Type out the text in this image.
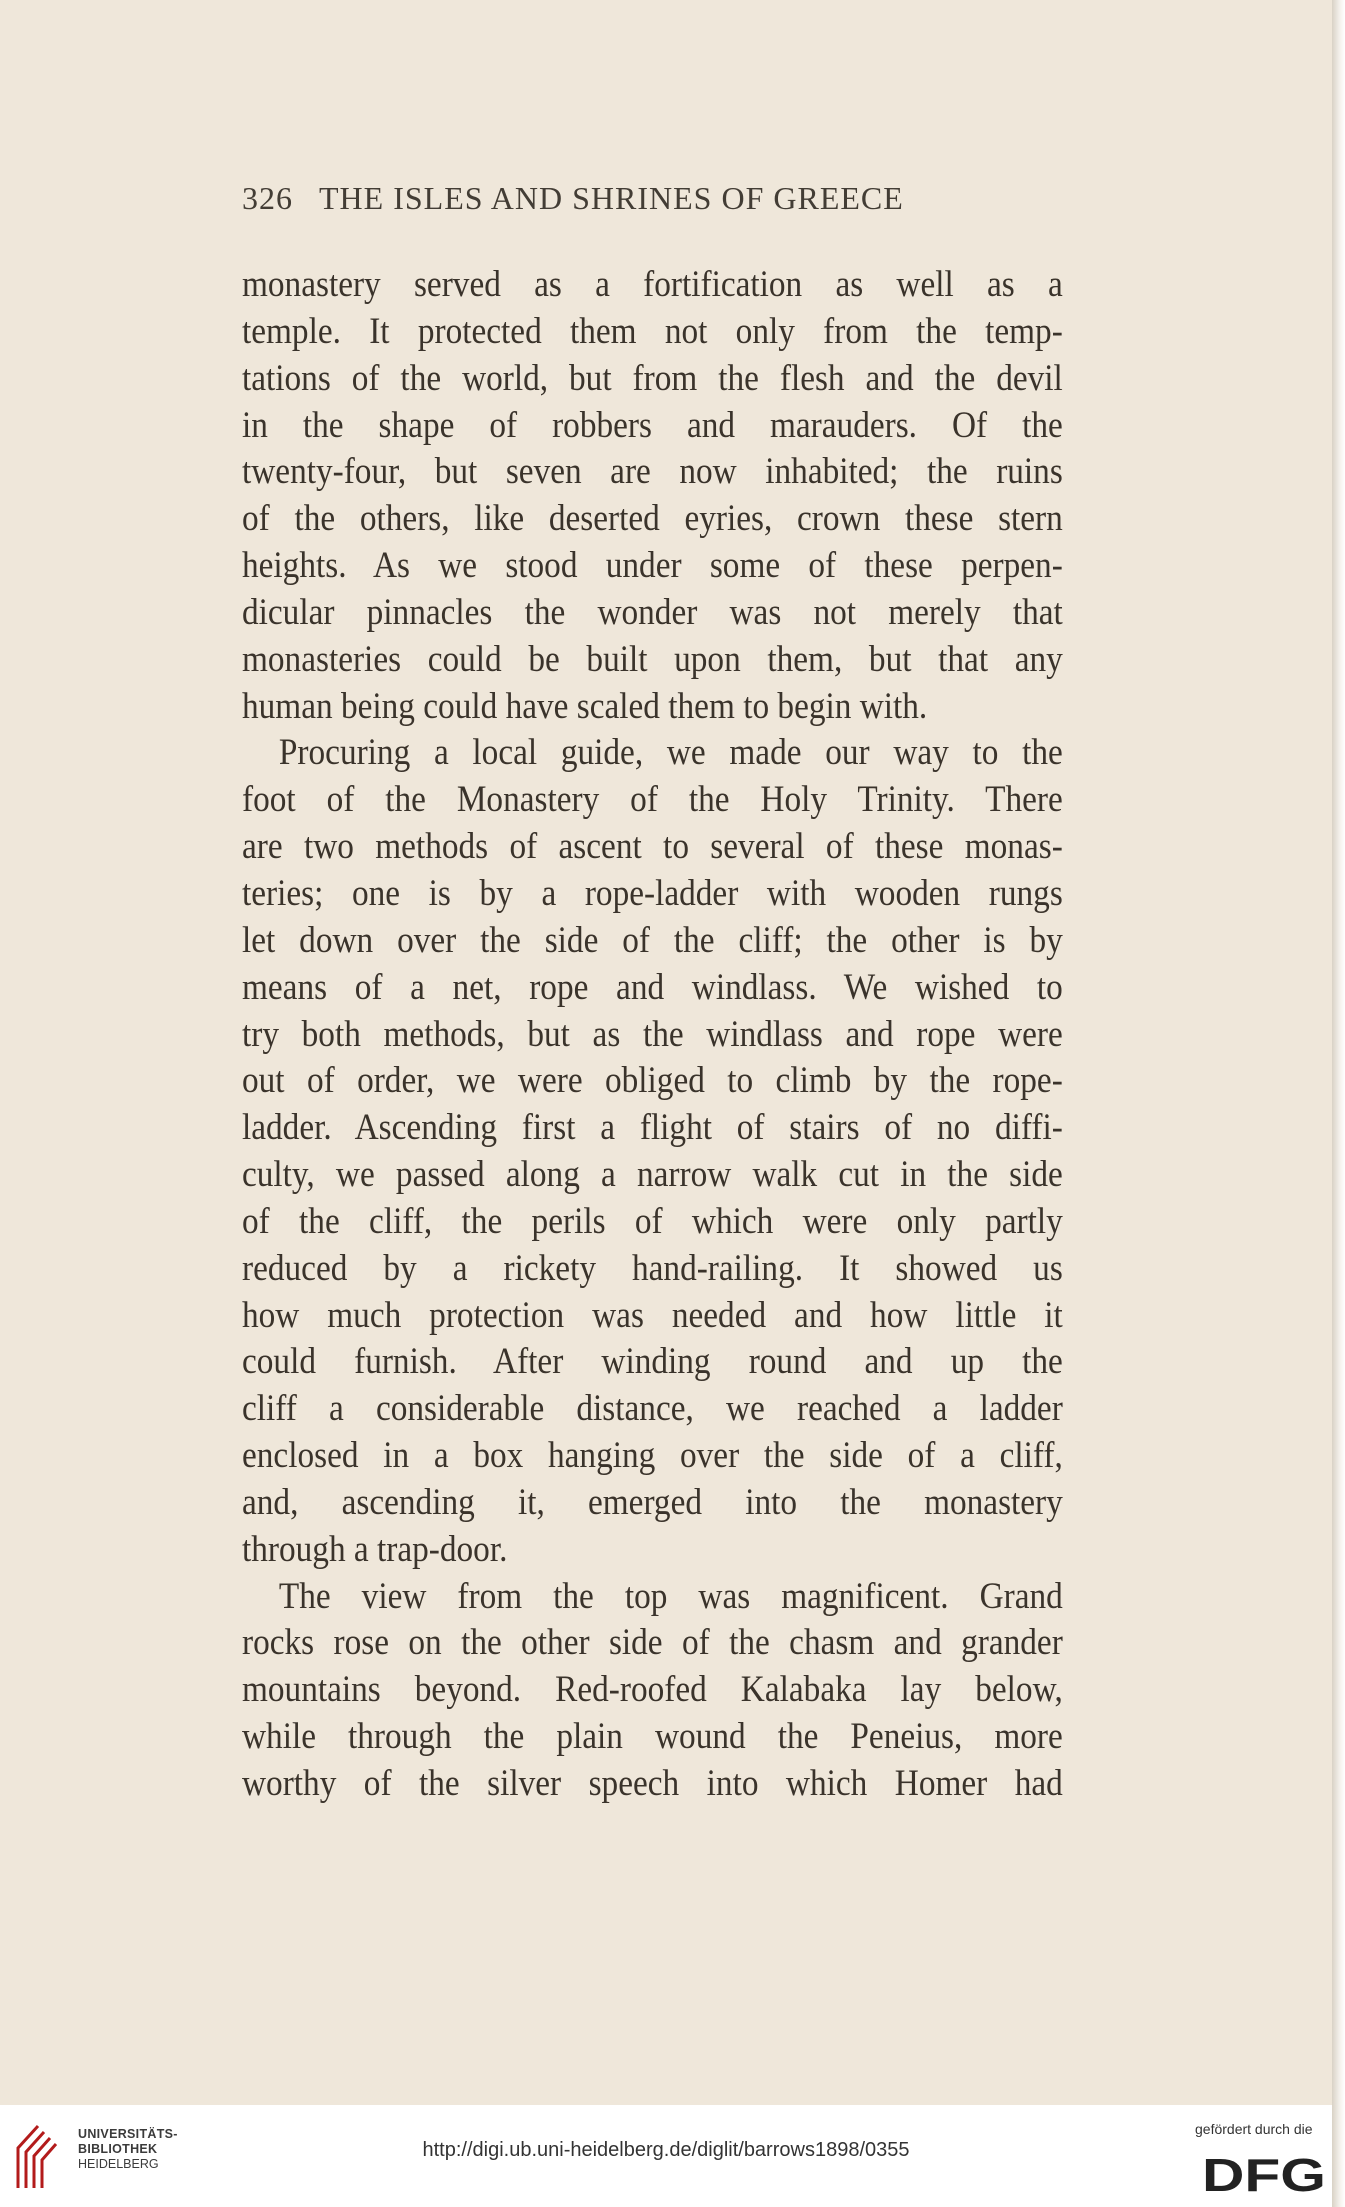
326 THE ISLES AND SHRINES OF GREECE
monastery served as a fortification as well as a
temple. It protected them not only from the temp-
tations of the world, but from the flesh and the devil
in the shape of robbers and marauders. Of the
twenty-four, but seven are now inhabited; the ruins
of the others, like deserted eyries, crown these stern
heights. As we stood under some of these perpen-
dicular pinnacles the wonder was not merely that
monasteries could be built upon them, but that any
human being could have scaled them to begin with.
Procuring a local guide, we made our way to the
foot of the Monastery of the Holy Trinity. There
are two methods of ascent to several of these monas-
teries; one is by a rope-ladder with wooden rungs
let down over the side of the cliff; the other is by
means of a net, rope and windlass. We wished to
try both methods, but as the windlass and rope were
out of order, we were obliged to climb by the rope-
ladder. Ascending first a flight of stairs of no diffi-
culty, we passed along a narrow walk cut in the side
of the cliff, the perils of which were only partly
reduced by a rickety hand-railing. It showed us
how much protection was needed and how little it
could furnish. After winding round and up the
cliff a considerable distance, we reached a ladder
enclosed in a box hanging over the side of a cliff,
and, ascending it, emerged into the monastery
through a trap-door.
The view from the top was magnificent. Grand
rocks rose on the other side of the chasm and grander
mountains beyond. Red-roofed Kalabaka lay below,
while through the plain wound the Peneius, more
worthy of the silver speech into which Homer had
UNIVERSITÄTS-
BIBLIOTHEK
HEIDELBERG
http://digi.ub.uni-heidelberg.de/diglit/barrows1898/0355
gefördert durch die
DFG
